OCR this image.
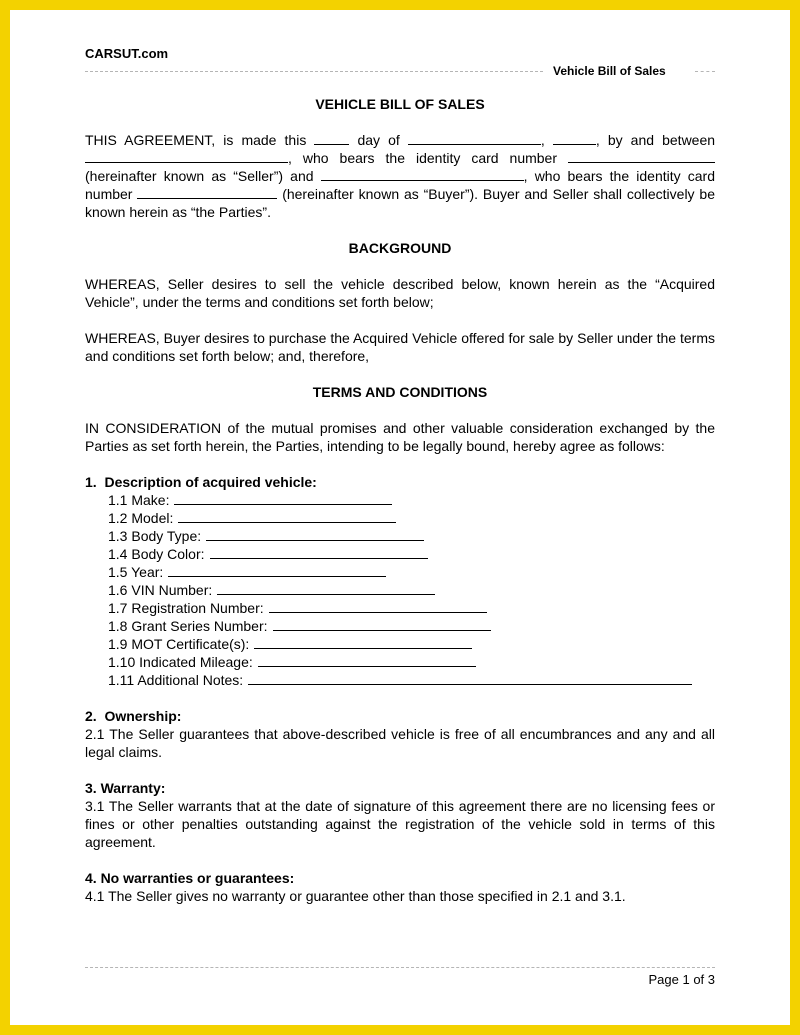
CARSUT.com
Vehicle Bill of Sales
VEHICLE BILL OF SALES
THIS AGREEMENT, is made this	day of	,	, by and between , who bears the identity card number  (hereinafter known as “Seller”) and	, who bears the identity card number	(hereinafter known as “Buyer”). Buyer and Seller shall collectively be known herein as “the Parties”.
BACKGROUND
WHEREAS, Seller desires to sell the vehicle described below, known herein as the “Acquired Vehicle”, under the terms and conditions set forth below;
WHEREAS, Buyer desires to purchase the Acquired Vehicle offered for sale by Seller under the terms and conditions set forth below; and, therefore,
TERMS AND CONDITIONS
IN CONSIDERATION of the mutual promises and other valuable consideration exchanged by the Parties as set forth herein, the Parties, intending to be legally bound, hereby agree as follows:
1.  Description of acquired vehicle:
1.1 Make:
1.2 Model:
1.3 Body Type:
1.4 Body Color:
1.5 Year:
1.6 VIN Number:
1.7 Registration Number:
1.8 Grant Series Number:
1.9 MOT Certificate(s):
1.10 Indicated Mileage:
1.11 Additional Notes:
2.  Ownership:
2.1 The Seller guarantees that above-described vehicle is free of all encumbrances and any and all legal claims.
3. Warranty:
3.1 The Seller warrants that at the date of signature of this agreement there are no licensing fees or fines or other penalties outstanding against the registration of the vehicle sold in terms of this agreement.
4. No warranties or guarantees:
4.1 The Seller gives no warranty or guarantee other than those specified in 2.1 and 3.1.
Page 1 of 3
